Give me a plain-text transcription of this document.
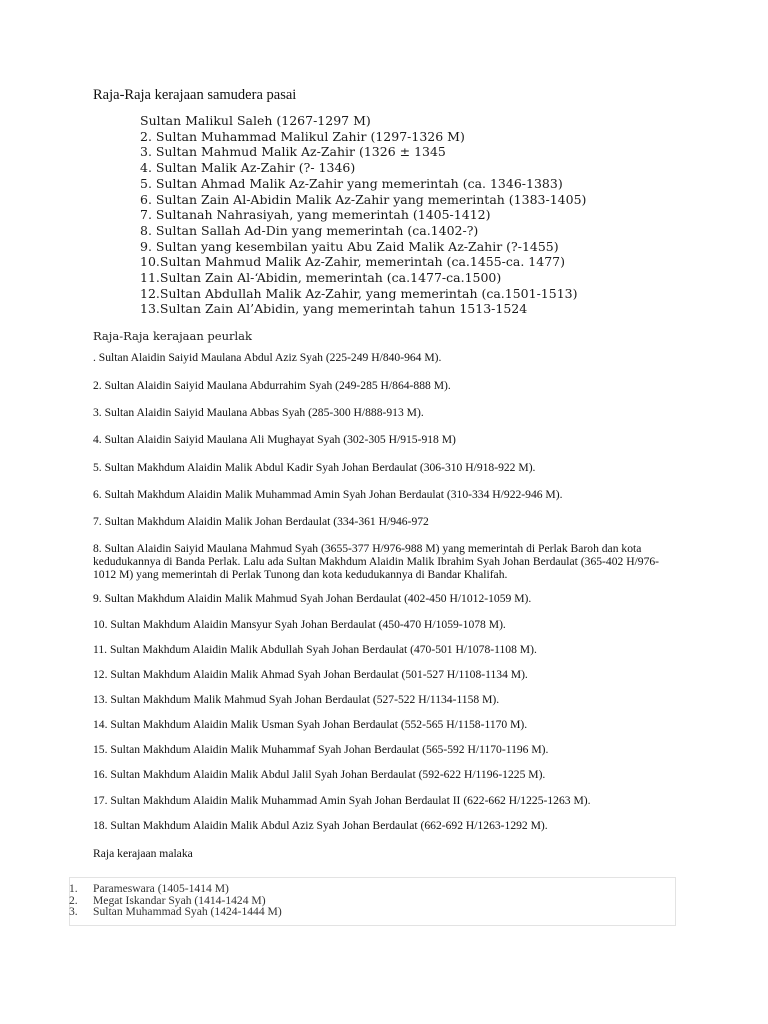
Raja-Raja kerajaan samudera pasai
Sultan Malikul Saleh (1267-1297 M)
2. Sultan Muhammad Malikul Zahir (1297-1326 M)
3. Sultan Mahmud Malik Az-Zahir (1326 ± 1345
4. Sultan Malik Az-Zahir (?- 1346)
5. Sultan Ahmad Malik Az-Zahir yang memerintah (ca. 1346-1383)
6. Sultan Zain Al-Abidin Malik Az-Zahir yang memerintah (1383-1405)
7. Sultanah Nahrasiyah, yang memerintah (1405-1412)
8. Sultan Sallah Ad-Din yang memerintah (ca.1402-?)
9. Sultan yang kesembilan yaitu Abu Zaid Malik Az-Zahir (?-1455)
10.Sultan Mahmud Malik Az-Zahir, memerintah (ca.1455-ca. 1477)
11.Sultan Zain Al-‘Abidin, memerintah (ca.1477-ca.1500)
12.Sultan Abdullah Malik Az-Zahir, yang memerintah (ca.1501-1513)
13.Sultan Zain Al’Abidin, yang memerintah tahun 1513-1524
Raja-Raja kerajaan peurlak
. Sultan Alaidin Saiyid Maulana Abdul Aziz Syah (225-249 H/840-964 M).
2. Sultan Alaidin Saiyid Maulana Abdurrahim Syah (249-285 H/864-888 M).
3. Sultan Alaidin Saiyid Maulana Abbas Syah (285-300 H/888-913 M).
4. Sultan Alaidin Saiyid Maulana Ali Mughayat Syah (302-305 H/915-918 M)
5. Sultan Makhdum Alaidin Malik Abdul Kadir Syah Johan Berdaulat (306-310 H/918-922 M).
6. Sultah Makhdum Alaidin Malik Muhammad Amin Syah Johan Berdaulat (310-334 H/922-946 M).
7. Sultan Makhdum Alaidin Malik Johan Berdaulat (334-361 H/946-972
8. Sultan Alaidin Saiyid Maulana Mahmud Syah (3655-377 H/976-988 M) yang memerintah di Perlak Baroh dan kota kedudukannya di Banda Perlak. Lalu ada Sultan Makhdum Alaidin Malik Ibrahim Syah Johan Berdaulat (365-402 H/976-1012 M) yang memerintah di Perlak Tunong dan kota kedudukannya di Bandar Khalifah.
9. Sultan Makhdum Alaidin Malik Mahmud Syah Johan Berdaulat (402-450 H/1012-1059 M).
10. Sultan Makhdum Alaidin Mansyur Syah Johan Berdaulat (450-470 H/1059-1078 M).
11. Sultan Makhdum Alaidin Malik Abdullah Syah Johan Berdaulat (470-501 H/1078-1108 M).
12. Sultan Makhdum Alaidin Malik Ahmad Syah Johan Berdaulat (501-527 H/1108-1134 M).
13. Sultan Makhdum Malik Mahmud Syah Johan Berdaulat (527-522 H/1134-1158 M).
14. Sultan Makhdum Alaidin Malik Usman Syah Johan Berdaulat (552-565 H/1158-1170 M).
15. Sultan Makhdum Alaidin Malik Muhammaf Syah Johan Berdaulat (565-592 H/1170-1196 M).
16. Sultan Makhdum Alaidin Malik Abdul Jalil Syah Johan Berdaulat (592-622 H/1196-1225 M).
17. Sultan Makhdum Alaidin Malik Muhammad Amin Syah Johan Berdaulat II (622-662 H/1225-1263 M).
18. Sultan Makhdum Alaidin Malik Abdul Aziz Syah Johan Berdaulat (662-692 H/1263-1292 M).
Raja kerajaan malaka
1. Parameswara (1405-1414 M)
2. Megat Iskandar Syah (1414-1424 M)
3. Sultan Muhammad Syah (1424-1444 M)
